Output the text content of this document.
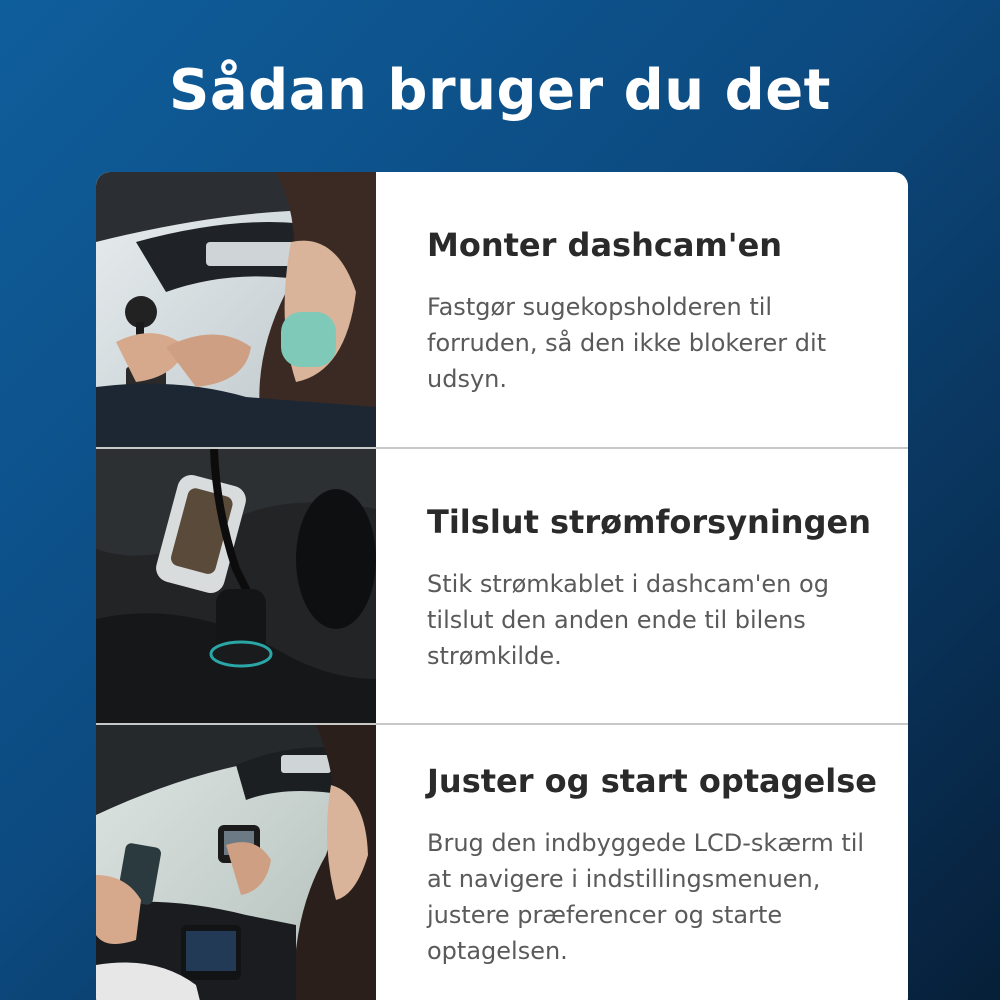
Sådan bruger du det
Monter dashcam'en

Fastgør sugekopsholderen til forruden, så den ikke blokerer dit udsyn.

Tilslut strømforsyningen

Stik strømkablet i dashcam'en og tilslut den anden ende til bilens strømkilde.

Juster og start optagelse

Brug den indbyggede LCD-skærm til at navigere i indstillingsmenuen, justere præferencer og starte optagelsen.
